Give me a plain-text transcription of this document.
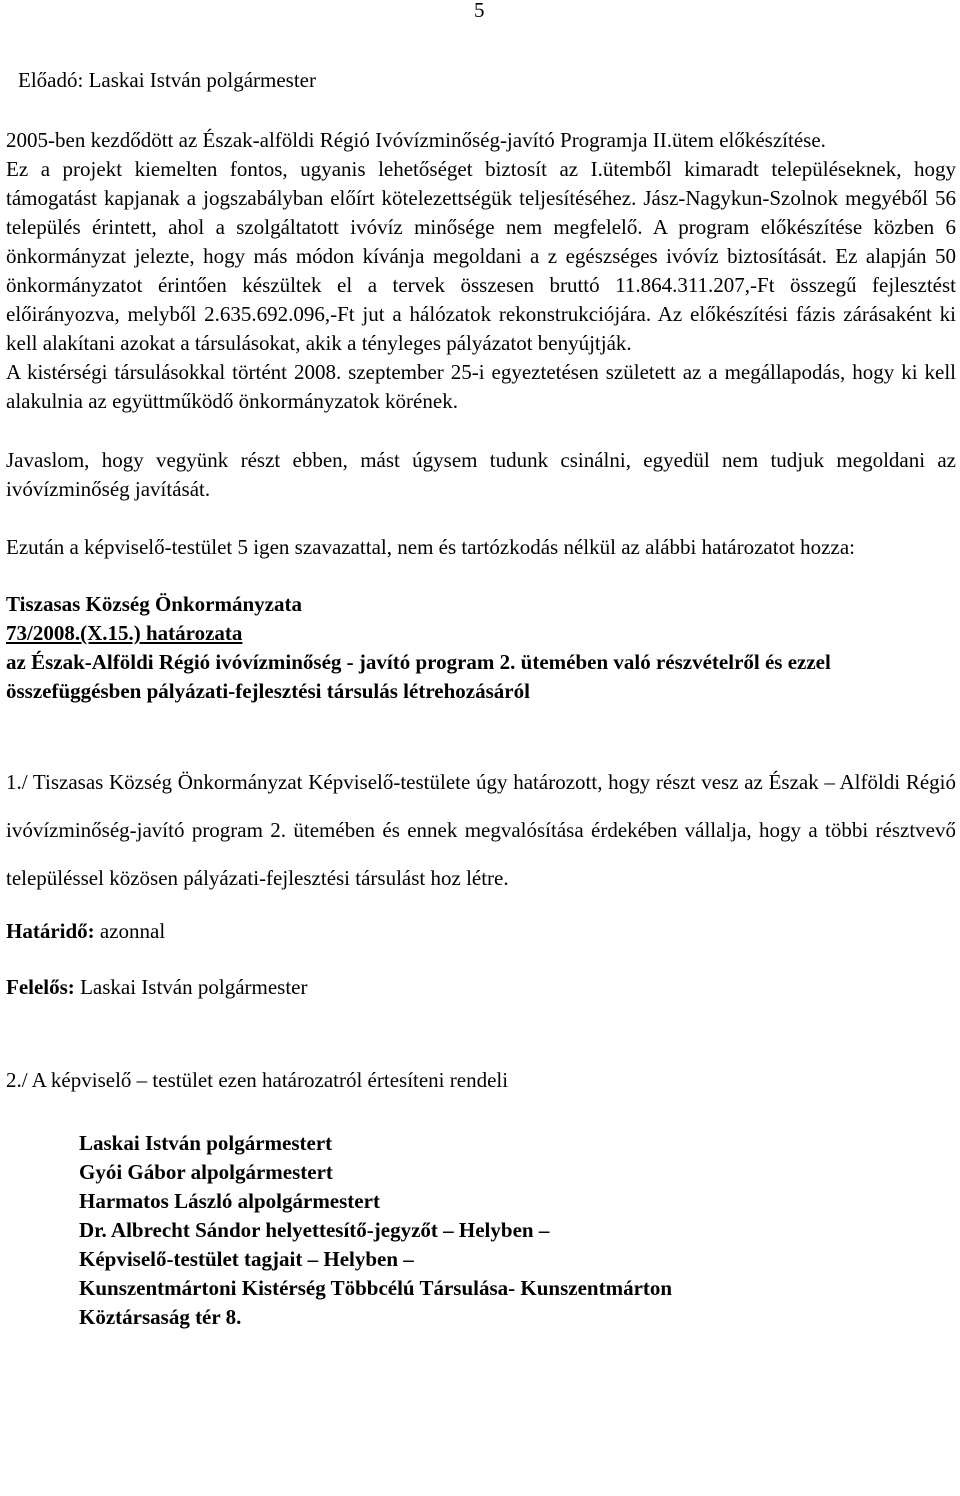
5

Előadó: Laskai István polgármester

2005-ben kezdődött az Észak-alföldi Régió Ivóvízminőség-javító Programja II.ütem előkészítése.

Ez a projekt kiemelten fontos, ugyanis lehetőséget biztosít az I.ütemből kimaradt településeknek, hogy támogatást kapjanak a jogszabályban előírt kötelezettségük teljesítéséhez. Jász-Nagykun-Szolnok megyéből 56 település érintett, ahol a szolgáltatott ivóvíz minősége nem megfelelő. A program előkészítése közben 6 önkormányzat jelezte, hogy más módon kívánja megoldani a z egészséges ivóvíz biztosítását. Ez alapján 50 önkormányzatot érintően készültek el a tervek összesen bruttó 11.864.311.207,-Ft összegű fejlesztést előirányozva, melyből 2.635.692.096,-Ft jut a hálózatok rekonstrukciójára. Az előkészítési fázis zárásaként ki kell alakítani azokat a társulásokat, akik a tényleges pályázatot benyújtják.

A kistérségi társulásokkal történt 2008. szeptember 25-i egyeztetésen született az a megállapodás, hogy ki kell alakulnia az együttműködő önkormányzatok körének.

Javaslom, hogy vegyünk részt ebben, mást úgysem tudunk csinálni, egyedül nem tudjuk megoldani az ivóvízminőség javítását.

Ezután a képviselő-testület 5 igen szavazattal, nem és tartózkodás nélkül az alábbi határozatot hozza:

Tiszasas Község Önkormányzata

73/2008.(X.15.) határozata

az Észak-Alföldi Régió ivóvízminőség - javító program 2. ütemében való részvételről és ezzel összefüggésben pályázati-fejlesztési társulás létrehozásáról

1./ Tiszasas Község Önkormányzat Képviselő-testülete úgy határozott, hogy részt vesz az Észak – Alföldi Régió ivóvízminőség-javító program 2. ütemében és ennek megvalósítása érdekében vállalja, hogy a többi résztvevő településsel közösen pályázati-fejlesztési társulást hoz létre.

Határidő: azonnal

Felelős: Laskai István polgármester

2./ A képviselő – testület ezen határozatról értesíteni rendeli

Laskai István polgármestert

Gyói Gábor alpolgármestert

Harmatos László alpolgármestert

Dr. Albrecht Sándor helyettesítő-jegyzőt – Helyben –

Képviselő-testület tagjait – Helyben –

Kunszentmártoni Kistérség Többcélú Társulása- Kunszentmárton

Köztársaság tér 8.
